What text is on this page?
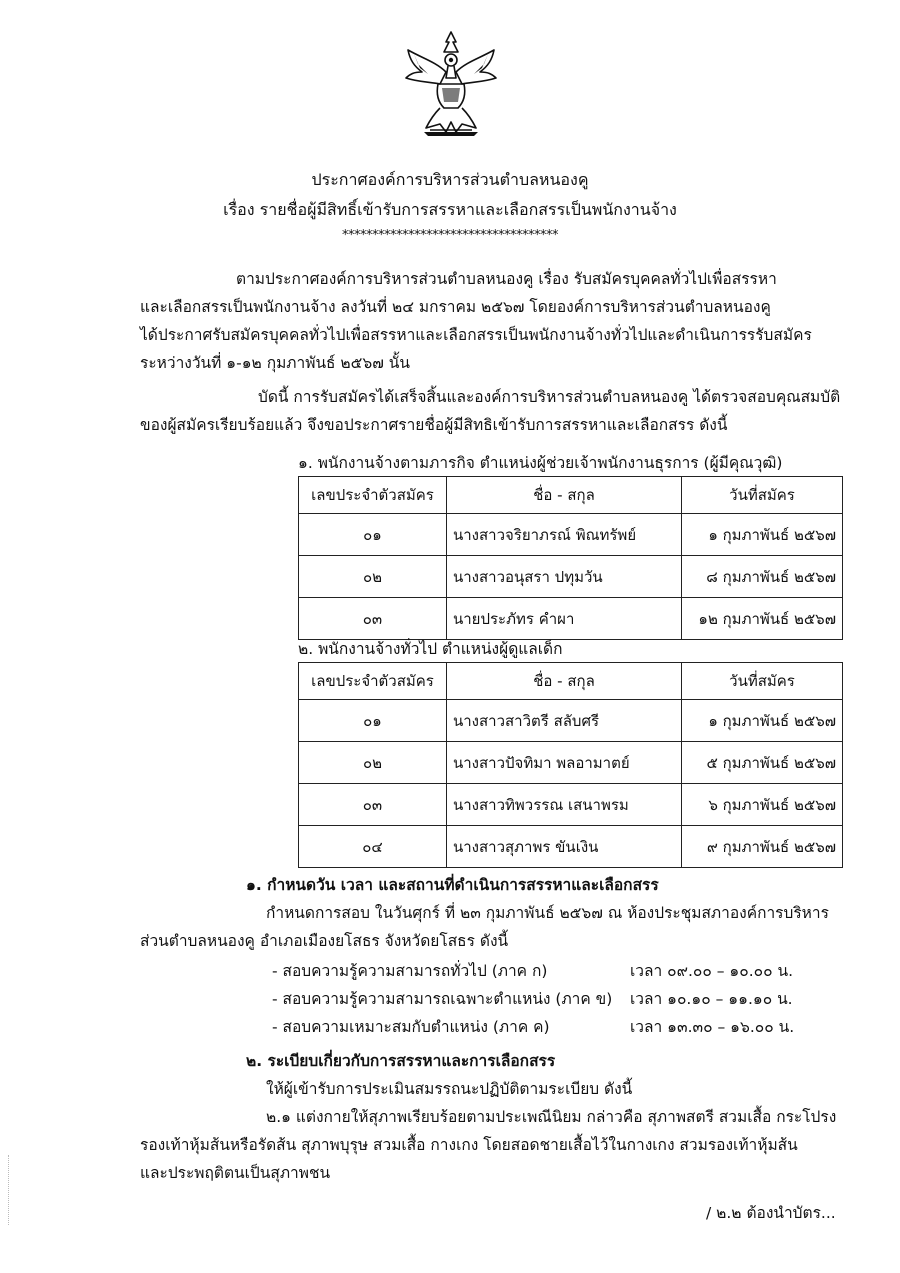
ประกาศองค์การบริหารส่วนตำบลหนองคู
เรื่อง รายชื่อผู้มีสิทธิ์เข้ารับการสรรหาและเลือกสรรเป็นพนักงานจ้าง
************************************
ตามประกาศองค์การบริหารส่วนตำบลหนองคู เรื่อง รับสมัครบุคคลทั่วไปเพื่อสรรหา
และเลือกสรรเป็นพนักงานจ้าง ลงวันที่ ๒๔ มกราคม ๒๕๖๗ โดยองค์การบริหารส่วนตำบลหนองคู
ได้ประกาศรับสมัครบุคคลทั่วไปเพื่อสรรหาและเลือกสรรเป็นพนักงานจ้างทั่วไปและดำเนินการรรับสมัคร
ระหว่างวันที่ ๑-๑๒ กุมภาพันธ์ ๒๕๖๗ นั้น
บัดนี้ การรับสมัครได้เสร็จสิ้นและองค์การบริหารส่วนตำบลหนองคู ได้ตรวจสอบคุณสมบัติ
ของผู้สมัครเรียบร้อยแล้ว จึงขอประกาศรายชื่อผู้มีสิทธิเข้ารับการสรรหาและเลือกสรร ดังนี้
๑. พนักงานจ้างตามภารกิจ ตำแหน่งผู้ช่วยเจ้าพนักงานธุรการ (ผู้มีคุณวุฒิ)
เลขประจำตัวสมัคร	ชื่อ - สกุล	วันที่สมัคร
๐๑	นางสาวจริยาภรณ์ พิณทรัพย์	๑ กุมภาพันธ์ ๒๕๖๗
๐๒	นางสาวอนุสรา ปทุมวัน	๘ กุมภาพันธ์ ๒๕๖๗
๐๓	นายประภัทร คำผา	๑๒ กุมภาพันธ์ ๒๕๖๗
๒. พนักงานจ้างทั่วไป ตำแหน่งผู้ดูแลเด็ก
เลขประจำตัวสมัคร	ชื่อ - สกุล	วันที่สมัคร
๐๑	นางสาวสาวิตรี สลับศรี	๑ กุมภาพันธ์ ๒๕๖๗
๐๒	นางสาวปัจทิมา พลอามาตย์	๕ กุมภาพันธ์ ๒๕๖๗
๐๓	นางสาวทิพวรรณ เสนาพรม	๖ กุมภาพันธ์ ๒๕๖๗
๐๔	นางสาวสุภาพร ขันเงิน	๙ กุมภาพันธ์ ๒๕๖๗
๑. กำหนดวัน เวลา และสถานที่ดำเนินการสรรหาและเลือกสรร
กำหนดการสอบ ในวันศุกร์ ที่ ๒๓ กุมภาพันธ์ ๒๕๖๗ ณ ห้องประชุมสภาองค์การบริหาร
ส่วนตำบลหนองคู อำเภอเมืองยโสธร จังหวัดยโสธร ดังนี้
- สอบความรู้ความสามารถทั่วไป (ภาค ก)	เวลา ๐๙.๐๐ – ๑๐.๐๐ น.
- สอบความรู้ความสามารถเฉพาะตำแหน่ง (ภาค ข) เวลา ๑๐.๑๐ – ๑๑.๑๐ น.
- สอบความเหมาะสมกับตำแหน่ง (ภาค ค)	เวลา ๑๓.๓๐ – ๑๖.๐๐ น.
๒. ระเบียบเกี่ยวกับการสรรหาและการเลือกสรร
ให้ผู้เข้ารับการประเมินสมรรถนะปฏิบัติตามระเบียบ ดังนี้
๒.๑ แต่งกายให้สุภาพเรียบร้อยตามประเพณีนิยม กล่าวคือ สุภาพสตรี สวมเสื้อ กระโปรง
รองเท้าหุ้มส้นหรือรัดส้น สุภาพบุรุษ สวมเสื้อ กางเกง โดยสอดชายเสื้อไว้ในกางเกง สวมรองเท้าหุ้มส้น
และประพฤติตนเป็นสุภาพชน
/ ๒.๒ ต้องนำบัตร...
